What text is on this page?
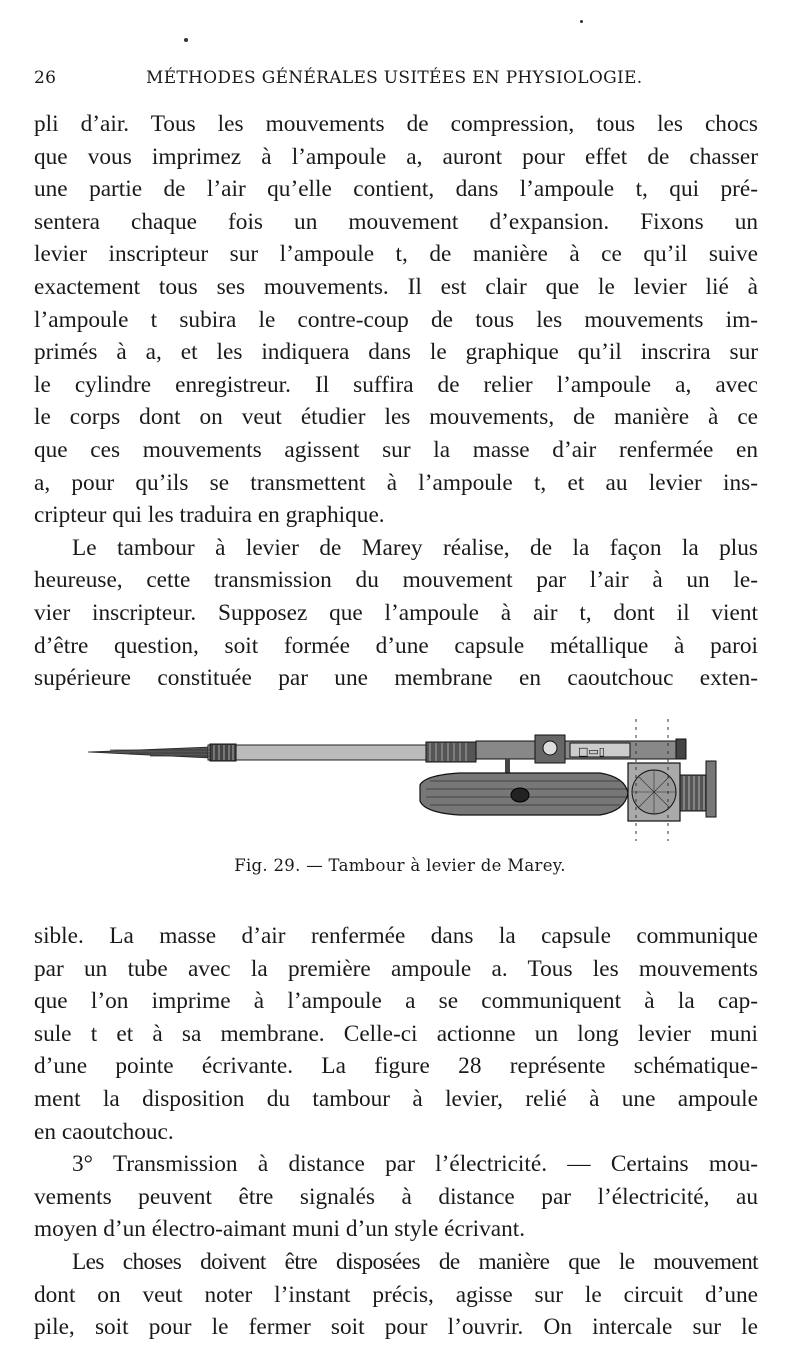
26	MÉTHODES GÉNÉRALES USITÉES EN PHYSIOLOGIE.
pli d’air. Tous les mouvements de compression, tous les chocs
que vous imprimez à l’ampoule a, auront pour effet de chasser
une partie de l’air qu’elle contient, dans l’ampoule t, qui pré-
sentera chaque fois un mouvement d’expansion. Fixons un
levier inscripteur sur l’ampoule t, de manière à ce qu’il suive
exactement tous ses mouvements. Il est clair que le levier lié à
l’ampoule t subira le contre-coup de tous les mouvements im-
primés à a, et les indiquera dans le graphique qu’il inscrira sur
le cylindre enregistreur. Il suffira de relier l’ampoule a, avec
le corps dont on veut étudier les mouvements, de manière à ce
que ces mouvements agissent sur la masse d’air renfermée en
a, pour qu’ils se transmettent à l’ampoule t, et au levier ins-
cripteur qui les traduira en graphique.
Le tambour à levier de Marey réalise, de la façon la plus
heureuse, cette transmission du mouvement par l’air à un le-
vier inscripteur. Supposez que l’ampoule à air t, dont il vient
d’être question, soit formée d’une capsule métallique à paroi
supérieure constituée par une membrane en caoutchouc exten-
□▭▯
Fig. 29. — Tambour à levier de Marey.
sible. La masse d’air renfermée dans la capsule communique
par un tube avec la première ampoule a. Tous les mouvements
que l’on imprime à l’ampoule a se communiquent à la cap-
sule t et à sa membrane. Celle-ci actionne un long levier muni
d’une pointe écrivante. La figure 28 représente schématique-
ment la disposition du tambour à levier, relié à une ampoule
en caoutchouc.
3° Transmission à distance par l’électricité. — Certains mou-
vements peuvent être signalés à distance par l’électricité, au
moyen d’un électro-aimant muni d’un style écrivant.
Les choses doivent être disposées de manière que le mouvement
dont on veut noter l’instant précis, agisse sur le circuit d’une
pile, soit pour le fermer soit pour l’ouvrir. On intercale sur le
